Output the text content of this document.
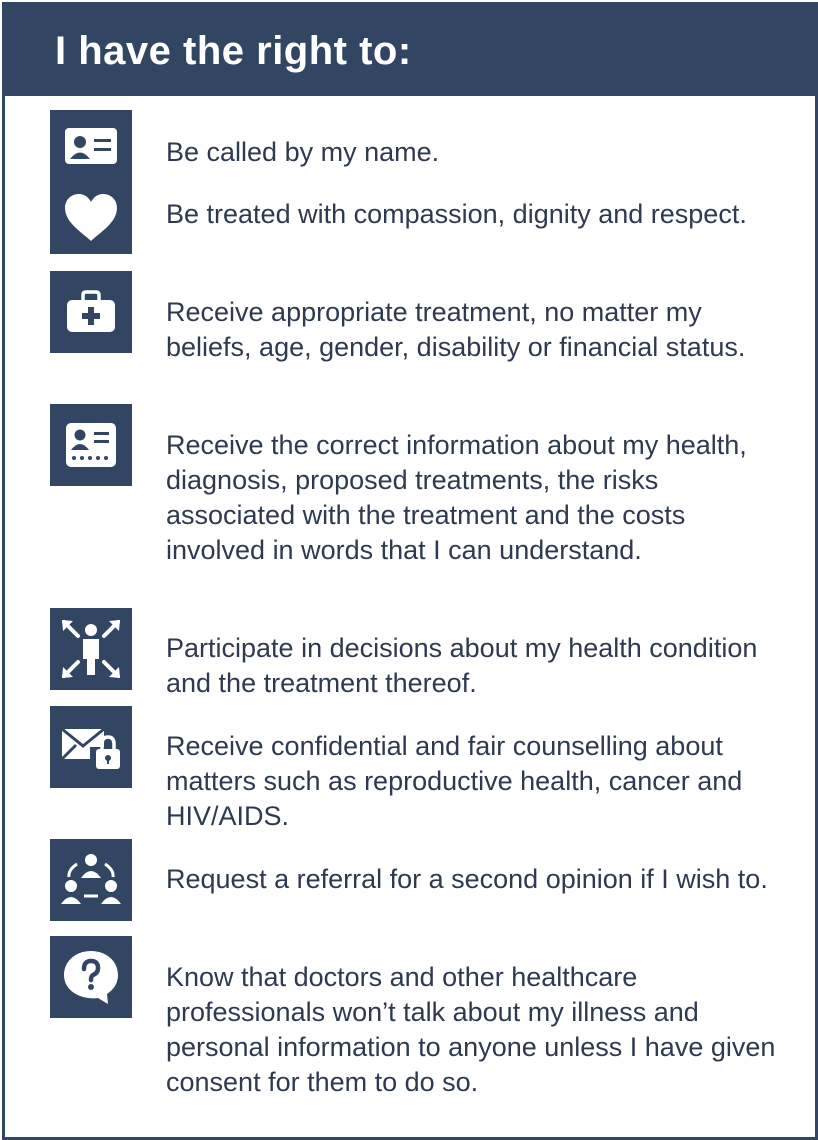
I have the right to:

Be called by my name.

Be treated with compassion, dignity and respect.

Receive appropriate treatment, no matter my beliefs, age, gender, disability or financial status.

Receive the correct information about my health, diagnosis, proposed treatments, the risks associated with the treatment and the costs involved in words that I can understand.

Participate in decisions about my health condition and the treatment thereof.

Receive confidential and fair counselling about matters such as reproductive health, cancer and HIV/AIDS.

Request a referral for a second opinion if I wish to.

Know that doctors and other healthcare professionals won’t talk about my illness and personal information to anyone unless I have given consent for them to do so.
